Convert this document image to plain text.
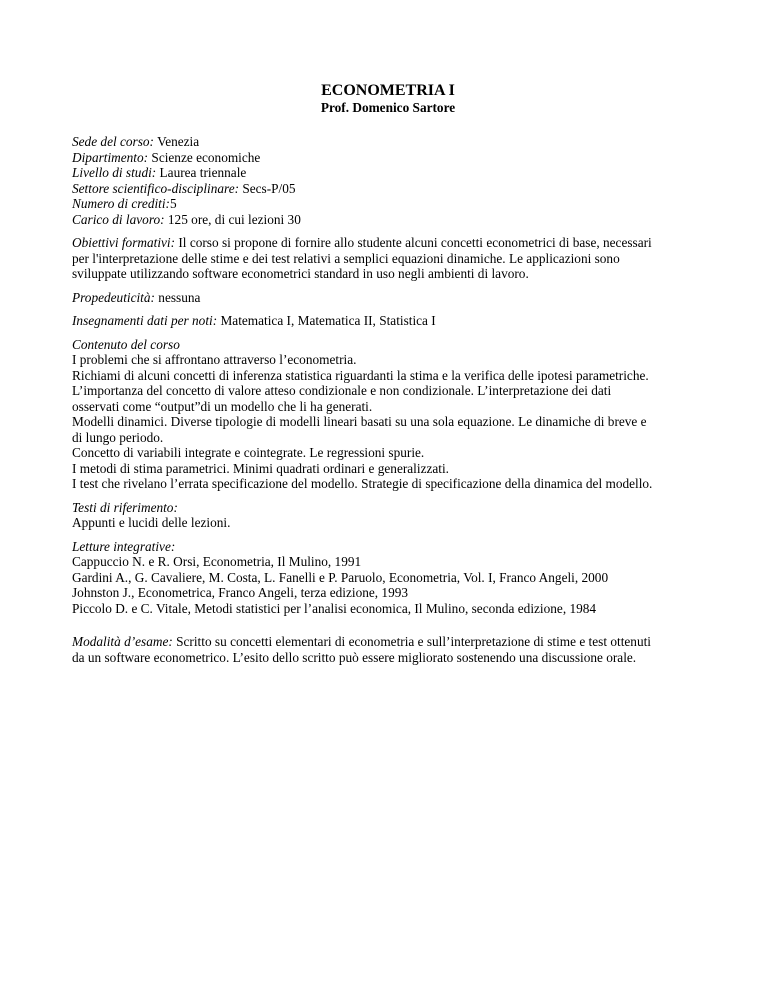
ECONOMETRIA I
Prof. Domenico Sartore
Sede del corso: Venezia
Dipartimento: Scienze economiche
Livello di studi: Laurea triennale
Settore scientifico-disciplinare: Secs-P/05
Numero di crediti:5
Carico di lavoro: 125 ore, di cui lezioni 30
Obiettivi formativi: Il corso si propone di fornire allo studente alcuni concetti econometrici di base, necessari
per l'interpretazione delle stime e dei test relativi a semplici equazioni dinamiche. Le applicazioni sono
sviluppate utilizzando software econometrici standard in uso negli ambienti di lavoro.
Propedeuticità: nessuna
Insegnamenti dati per noti: Matematica I, Matematica II, Statistica I
Contenuto del corso
I problemi che si affrontano attraverso l’econometria.
Richiami di alcuni concetti di inferenza statistica riguardanti la stima e la verifica delle ipotesi parametriche.
L’importanza del concetto di valore atteso condizionale e non condizionale. L’interpretazione dei dati
osservati come “output”di un modello che li ha generati.
Modelli dinamici. Diverse tipologie di modelli lineari basati su una sola equazione. Le dinamiche di breve e
di lungo periodo.
Concetto di variabili integrate e cointegrate. Le regressioni spurie.
I metodi di stima parametrici. Minimi quadrati ordinari e generalizzati.
I test che rivelano l’errata specificazione del modello. Strategie di specificazione della dinamica del modello.
Testi di riferimento:
Appunti e lucidi delle lezioni.
Letture integrative:
Cappuccio N. e R. Orsi, Econometria, Il Mulino, 1991
Gardini A., G. Cavaliere, M. Costa, L. Fanelli e P. Paruolo, Econometria, Vol. I, Franco Angeli, 2000
Johnston J., Econometrica, Franco Angeli, terza edizione, 1993
Piccolo D. e C. Vitale, Metodi statistici per l’analisi economica, Il Mulino, seconda edizione, 1984
Modalità d’esame: Scritto su concetti elementari di econometria e sull’interpretazione di stime e test ottenuti
da un software econometrico. L’esito dello scritto può essere migliorato sostenendo una discussione orale.
